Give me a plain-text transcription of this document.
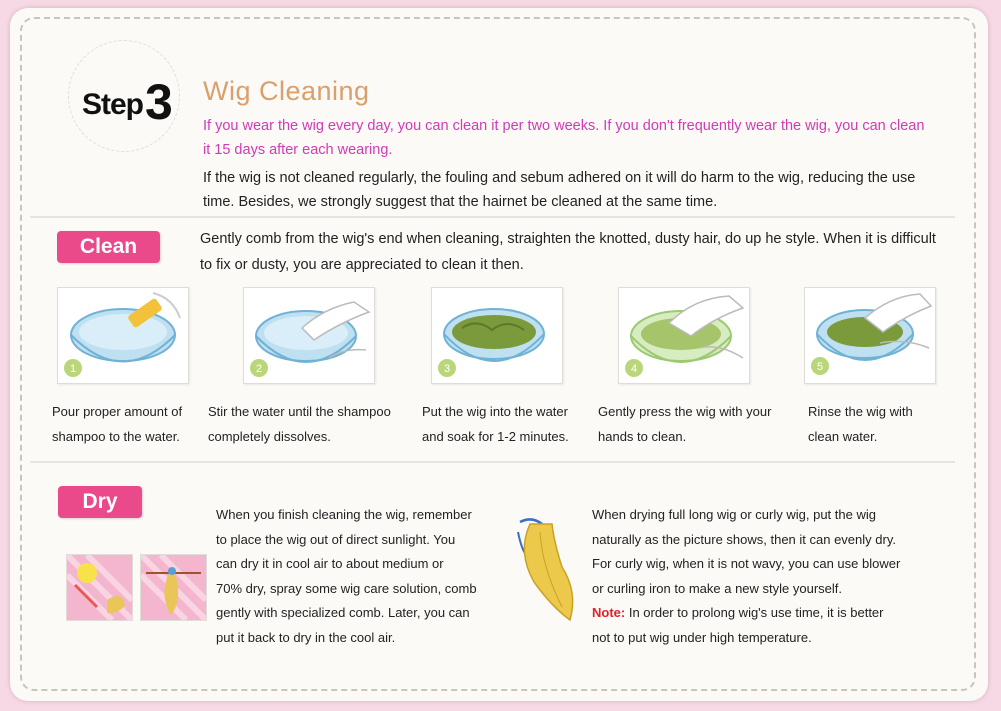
Step3 Wig Cleaning
If you wear the wig every day, you can clean it per two weeks. If you don't frequently wear the wig, you can clean it 15 days after each wearing.
If the wig is not cleaned regularly, the fouling and sebum adhered on it will do harm to the wig, reducing the use time. Besides, we strongly suggest that the hairnet be cleaned at the same time.
Clean	Gently comb from the wig's end when cleaning, straighten the knotted, dusty hair, do up he style. When it is difficult to fix or dusty, you are appreciated to clean it then.
1	2	3	4	5
Pour proper amount of
shampoo to the water.
Stir the water until the shampoo
completely dissolves.
Put the wig into the water
and soak for 1-2 minutes.
Gently press the wig with your
hands to clean.
Rinse the wig with
clean water.
Dry
When you finish cleaning the wig, remember
to place the wig out of direct sunlight. You
can dry it in cool air to about medium or
70% dry, spray some wig care solution, comb
gently with specialized comb. Later, you can
put it back to dry in the cool air.
When drying full long wig or curly wig, put the wig
naturally as the picture shows, then it can evenly dry.
For curly wig, when it is not wavy, you can use blower
or curling iron to make a new style yourself.
Note: In order to prolong wig's use time, it is better
not to put wig under high temperature.
